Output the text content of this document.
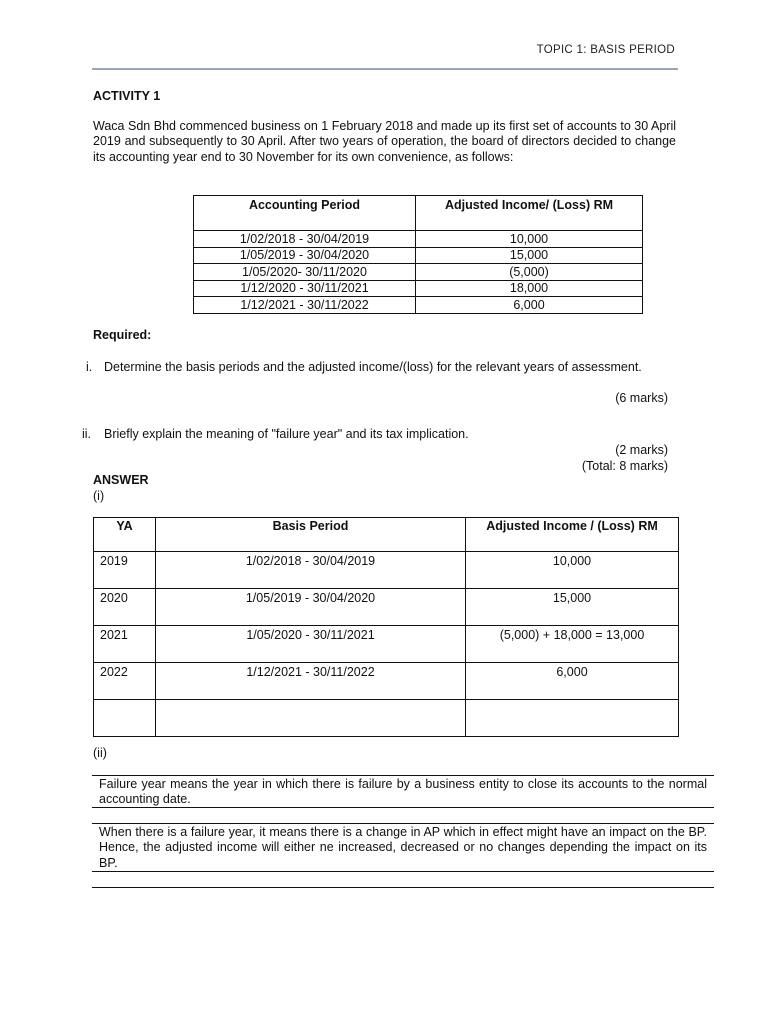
TOPIC 1: BASIS PERIOD
ACTIVITY 1
Waca Sdn Bhd commenced business on 1 February 2018 and made up its first set of accounts to 30 April 2019 and subsequently to 30 April. After two years of operation, the board of directors decided to change its accounting year end to 30 November for its own convenience, as follows:
Accounting Period	Adjusted Income/ (Loss) RM
1/02/2018 - 30/04/2019	10,000
1/05/2019 - 30/04/2020	15,000
1/05/2020- 30/11/2020	(5,000)
1/12/2020 - 30/11/2021	18,000
1/12/2021 - 30/11/2022	6,000
Required:
i. Determine the basis periods and the adjusted income/(loss) for the relevant years of assessment.
(6 marks)
ii. Briefly explain the meaning of "failure year" and its tax implication.
(2 marks)
(Total: 8 marks)
ANSWER
(i)
YA	Basis Period	Adjusted Income / (Loss) RM
2019	1/02/2018 - 30/04/2019	10,000
2020	1/05/2019 - 30/04/2020	15,000
2021	1/05/2020 - 30/11/2021	(5,000) + 18,000 = 13,000
2022	1/12/2021 - 30/11/2022	6,000

(ii)
Failure year means the year in which there is failure by a business entity to close its accounts to the normal accounting date.
When there is a failure year, it means there is a change in AP which in effect might have an impact on the BP. Hence, the adjusted income will either ne increased, decreased or no changes depending the impact on its BP.
